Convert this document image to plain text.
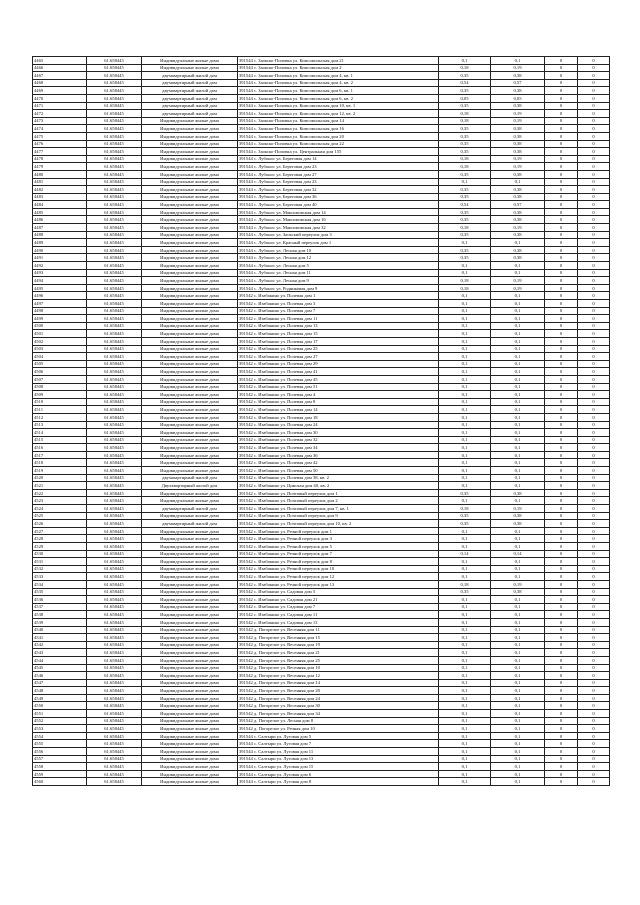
4465	61.658445	Индивидуальные жилые дома	391544 с. Заокско-Поповка ул. Комсомольская дом 21	0,1	0,1	0	0
4466	61.658445	Индивидуальные жилые дома	391544 с. Заокско-Поповка ул. Комсомольская дом 2	0,18	0,19	0	0
4467	61.658445	двухквартирный жилой дом	391544 с. Заокско-Поповка ул. Комсомольская дом 4, кв. 1	0,35	0,38	0	0
4468	61.658445	двухквартирный жилой дом	391544 с. Заокско-Поповка ул. Комсомольская дом 4, кв. 2	0,54	0,57	0	0
4469	61.658445	двухквартирный жилой дом	391544 с. Заокско-Поповка ул. Комсомольская дом 6, кв. 1	0,35	0,38	0	0
4470	61.658445	двухквартирный жилой дом	391544 с. Заокско-Поповка ул. Комсомольская дом 6, кв. 2	0,05	0,05	0	0
4471	61.658445	двухквартирный жилой дом	391544 с. Заокско-Поповка ул. Комсомольская дом 10, кв. 1	0,35	0,38	0	0
4472	61.658445	двухквартирный жилой дом	391544 с. Заокско-Поповка ул. Комсомольская дом 12, кв. 2	0,18	0,19	0	0
4473	61.658445	Индивидуальные жилые дома	391544 с. Заокско-Поповка ул. Комсомольская дом 14	0,18	0,19	0	0
4474	61.658445	Индивидуальные жилые дома	391544 с. Заокско-Поповка ул. Комсомольская дом 16	0,35	0,38	0	0
4475	61.658445	Индивидуальные жилые дома	391544 с. Заокско-Поповка ул. Комсомольская дом 20	0,35	0,38	0	0
4476	61.658445	Индивидуальные жилые дома	391544 с. Заокско-Поповка ул. Комсомольская дом 22	0,35	0,38	0	0
4477	61.658445	Индивидуальные жилые дома	391544 с. Заокско-Поповка ул. Центральная дом 155	0,35	0,38	0	0
4478	61.658445	Индивидуальные жилые дома	391544 с. Лубонос ул. Береговая дом 14	0,18	0,19	0	0
4479	61.658445	Индивидуальные жилые дома	391544 с. Лубонос ул. Береговая дом 23	0,18	0,19	0	0
4480	61.658445	Индивидуальные жилые дома	391544 с. Лубонос ул. Береговая дом 27	0,35	0,38	0	0
4481	61.658445	Индивидуальные жилые дома	391544 с. Лубонос ул. Береговая дом 23	0,1	0,1	0	0
4482	61.658445	Индивидуальные жилые дома	391544 с. Лубонос ул. Береговая дом 32	0,35	0,38	0	0
4483	61.658445	Индивидуальные жилые дома	391544 с. Лубонос ул. Береговая дом 36	0,35	0,38	0	0
4484	61.658445	Индивидуальные жилые дома	391544 с. Лубонос ул. Береговая дом 40	0,54	0,57	0	0
4485	61.658445	Индивидуальные жилые дома	391544 с. Лубонос ул. Максимовская дом 14	0,35	0,38	0	0
4486	61.658445	Индивидуальные жилые дома	391544 с. Лубонос ул. Максимовская дом 16	0,35	0,38	0	0
4487	61.658445	Индивидуальные жилые дома	391544 с. Лубонос ул. Максимовская дом 32	0,18	0,19	0	0
4488	61.658445	Индивидуальные жилые дома	391544 с. Лубонос ул. Заокский переулок дом 3	0,35	0,38	0	0
4489	61.658445	Индивидуальные жилые дома	391544 с. Лубонос ул. Красный переулок дом 1	0,1	0,1	0	0
4490	61.658445	Индивидуальные жилые дома	391544 с. Лубонос ул. Лесная дом 10	0,35	0,38	0	0
4491	61.658445	Индивидуальные жилые дома	391544 с. Лубонос ул. Лесная дом 12	0,35	0,38	0	0
4492	61.658445	Индивидуальные жилые дома	391544 с. Лубонос ул. Лесная дом 5	0,1	0,1	0	0
4493	61.658445	Индивидуальные жилые дома	391544 с. Лубонос ул. Лесная дом 11	0,1	0,1	0	0
4494	61.658445	Индивидуальные жилые дома	391544 с. Лубонос ул. Лесная дом 9	0,18	0,19	0	0
4495	61.658445	Индивидуальные жилые дома	391544 с. Лубонос ул. Родниковая дом 9	0,18	0,19	0	0
4496	61.658445	Индивидуальные жилые дома	391542 с. Изабакино ул. Полевая дом 1	0,1	0,1	0	0
4497	61.658445	Индивидуальные жилые дома	391542 с. Изабакино ул. Полевая дом 3	0,1	0,1	0	0
4498	61.658445	Индивидуальные жилые дома	391542 с. Изабакино ул. Полевая дом 7	0,1	0,1	0	0
4499	61.658445	Индивидуальные жилые дома	391542 с. Изабакино ул. Полевая дом 11	0,1	0,1	0	0
4500	61.658445	Индивидуальные жилые дома	391542 с. Изабакино ул. Полевая дом 13	0,1	0,1	0	0
4501	61.658445	Индивидуальные жилые дома	391542 с. Изабакино ул. Полевая дом 15	0,1	0,1	0	0
4502	61.658445	Индивидуальные жилые дома	391542 с. Изабакино ул. Полевая дом 17	0,1	0,1	0	0
4503	61.658445	Индивидуальные жилые дома	391542 с. Изабакино ул. Полевая дом 25	0,1	0,1	0	0
4504	61.658445	Индивидуальные жилые дома	391542 с. Изабакино ул. Полевая дом 27	0,1	0,1	0	0
4505	61.658445	Индивидуальные жилые дома	391542 с. Изабакино ул. Полевая дом 29	0,1	0,1	0	0
4506	61.658445	Индивидуальные жилые дома	391542 с. Изабакино ул. Полевая дом 41	0,1	0,1	0	0
4507	61.658445	Индивидуальные жилые дома	391542 с. Изабакино ул. Полевая дом 45	0,1	0,1	0	0
4508	61.658445	Индивидуальные жилые дома	391542 с. Изабакино ул. Полевая дом 51	0,1	0,1	0	0
4509	61.658445	Индивидуальные жилые дома	391542 с. Изабакино ул. Полевая дом 4	0,1	0,1	0	0
4510	61.658445	Индивидуальные жилые дома	391542 с. Изабакино ул. Полевая дом 8	0,1	0,1	0	0
4511	61.658445	Индивидуальные жилые дома	391542 с. Изабакино ул. Полевая дом 14	0,1	0,1	0	0
4512	61.658445	Индивидуальные жилые дома	391542 с. Изабакино ул. Полевая дом 18	0,1	0,1	0	0
4513	61.658445	Индивидуальные жилые дома	391542 с. Изабакино ул. Полевая дом 24	0,1	0,1	0	0
4514	61.658445	Индивидуальные жилые дома	391542 с. Изабакино ул. Полевая дом 30	0,1	0,1	0	0
4515	61.658445	Индивидуальные жилые дома	391542 с. Изабакино ул. Полевая дом 32	0,1	0,1	0	0
4516	61.658445	Индивидуальные жилые дома	391542 с. Изабакино ул. Полевая дом 34	0,1	0,1	0	0
4517	61.658445	Индивидуальные жилые дома	391542 с. Изабакино ул. Полевая дом 36	0,1	0,1	0	0
4518	61.658445	Индивидуальные жилые дома	391542 с. Изабакино ул. Полевая дом 42	0,1	0,1	0	0
4519	61.658445	Индивидуальные жилые дома	391542 с. Изабакино ул. Полевая дом 50	0,1	0,1	0	0
4520	61.658445	двухквартирный жилой дом	391542 с. Изабакино ул. Полевая дом 38, кв. 2	0,1	0,1	0	0
4521	61.658445	Двухквартирный жилой дом	391542 с. Изабакино ул. Цинская дом 40, кв. 2	0,1	0,1	0	0
4522	61.658445	Индивидуальные жилые дома	391542 с. Изабакино ул. Почтовый переулок дом 1	0,35	0,38	0	0
4523	61.658445	Индивидуальные жилые дома	391542 с. Изабакино ул. Почтовый переулок дом 2	0,1	0,1	0	0
4524	61.658445	двухквартирный жилой дом	391542 с. Изабакино ул. Почтовый переулок дом 7, кв. 1	0,18	0,19	0	0
4525	61.658445	Индивидуальные жилые дома	391542 с. Изабакино ул. Почтовый переулок дом 9	0,35	0,38	0	0
4526	61.658445	двухквартирный жилой дом	391542 с. Изабакино ул. Почтовый переулок дом 10, кв. 2	0,35	0,38	0	0
4527	61.658445	Индивидуальные жилые дома	391542 с. Изабакино ул. Речной переулок дом 1	0,1	0,1	0	0
4528	61.658445	Индивидуальные жилые дома	391542 с. Изабакино ул. Речной переулок дом 3	0,1	0,1	0	0
4529	61.658445	Индивидуальные жилые дома	391542 с. Изабакино ул. Речной переулок дом 5	0,1	0,1	0	0
4530	61.658445	Индивидуальные жилые дома	391542 с. Изабакино ул. Речной переулок дом 7	0,14	0,14	0	0
4531	61.658445	Индивидуальные жилые дома	391542 с. Изабакино ул. Речной переулок дом 8	0,1	0,1	0	0
4532	61.658445	Индивидуальные жилые дома	391542 с. Изабакино ул. Речной переулок дом 10	0,1	0,1	0	0
4533	61.658445	Индивидуальные жилые дома	391542 с. Изабакино ул. Речной переулок дом 12	0,1	0,1	0	0
4534	61.658445	Индивидуальные жилые дома	391542 с. Изабакино ул. Речной переулок дом 13	0,18	0,19	0	0
4535	61.658445	Индивидуальные жилые дома	391542 с. Изабакино ул. Садовая дом 5	0,35	0,38	0	0
4536	61.658445	Индивидуальные жилые дома	391542 с. Изабакино ул. Садовая дом 21	0,1	0,1	0	0
4537	61.658445	Индивидуальные жилые дома	391542 с. Изабакино ул. Садовая дом 7	0,1	0,1	0	0
4538	61.658445	Индивидуальные жилые дома	391542 с. Изабакино ул. Садовая дом 11	0,1	0,1	0	0
4539	61.658445	Индивидуальные жилые дома	391542 с. Изабакино ул. Садовая дом 13	0,1	0,1	0	0
4540	61.658445	Индивидуальные жилые дома	391542 д. Погорелое ул. Весенняя дом 11	0,1	0,1	0	0
4541	61.658445	Индивидуальные жилые дома	391542 д. Погорелое ул. Весенняя дом 15	0,1	0,1	0	0
4542	61.658445	Индивидуальные жилые дома	391542 д. Погорелое ул. Весенняя дом 19	0,1	0,1	0	0
4543	61.658445	Индивидуальные жилые дома	391542 д. Погорелое ул. Весенняя дом 21	0,1	0,1	0	0
4544	61.658445	Индивидуальные жилые дома	391542 д. Погорелое ул. Весенняя дом 25	0,1	0,1	0	0
4545	61.658445	Индивидуальные жилые дома	391542 д. Погорелое ул. Весенняя дом 10	0,1	0,1	0	0
4546	61.658445	Индивидуальные жилые дома	391542 д. Погорелое ул. Весенняя дом 12	0,1	0,1	0	0
4547	61.658445	Индивидуальные жилые дома	391542 д. Погорелое ул. Весенняя дом 14	0,1	0,1	0	0
4548	61.658445	Индивидуальные жилые дома	391542 д. Погорелое ул. Весенняя дом 20	0,1	0,1	0	0
4549	61.658445	Индивидуальные жилые дома	391542 д. Погорелое ул. Весенняя дом 24	0,1	0,1	0	0
4550	61.658445	Индивидуальные жилые дома	391542 д. Погорелое ул. Весенняя дом 30	0,1	0,1	0	0
4551	61.658445	Индивидуальные жилые дома	391542 д. Погорелое ул. Весенняя дом 34	0,1	0,1	0	0
4552	61.658445	Индивидуальные жилые дома	391542 д. Погорелое ул. Лесная дом 8	0,1	0,1	0	0
4553	61.658445	Индивидуальные жилые дома	391542 д. Погорелое ул. Речная дом 10	0,1	0,1	0	0
4554	61.658445	Индивидуальные жилые дома	391544 с. Салтыри ул. Луговая дом 5	0,1	0,1	0	0
4555	61.658445	Индивидуальные жилые дома	391544 с. Салтыри ул. Луговая дом 7	0,1	0,1	0	0
4556	61.658445	Индивидуальные жилые дома	391544 с. Салтыри ул. Луговая дом 11	0,1	0,1	0	0
4557	61.658445	Индивидуальные жилые дома	391544 с. Салтыри ул. Луговая дом 13	0,1	0,1	0	0
4558	61.658445	Индивидуальные жилые дома	391544 с. Салтыри ул. Луговая дом 15	0,1	0,1	0	0
4559	61.658445	Индивидуальные жилые дома	391544 с. Салтыри ул. Луговая дом 6	0,1	0,1	0	0
4560	61.658445	Индивидуальные жилые дома	391544 с. Салтыри ул. Луговая дом 8	0,1	0,1	0	0
